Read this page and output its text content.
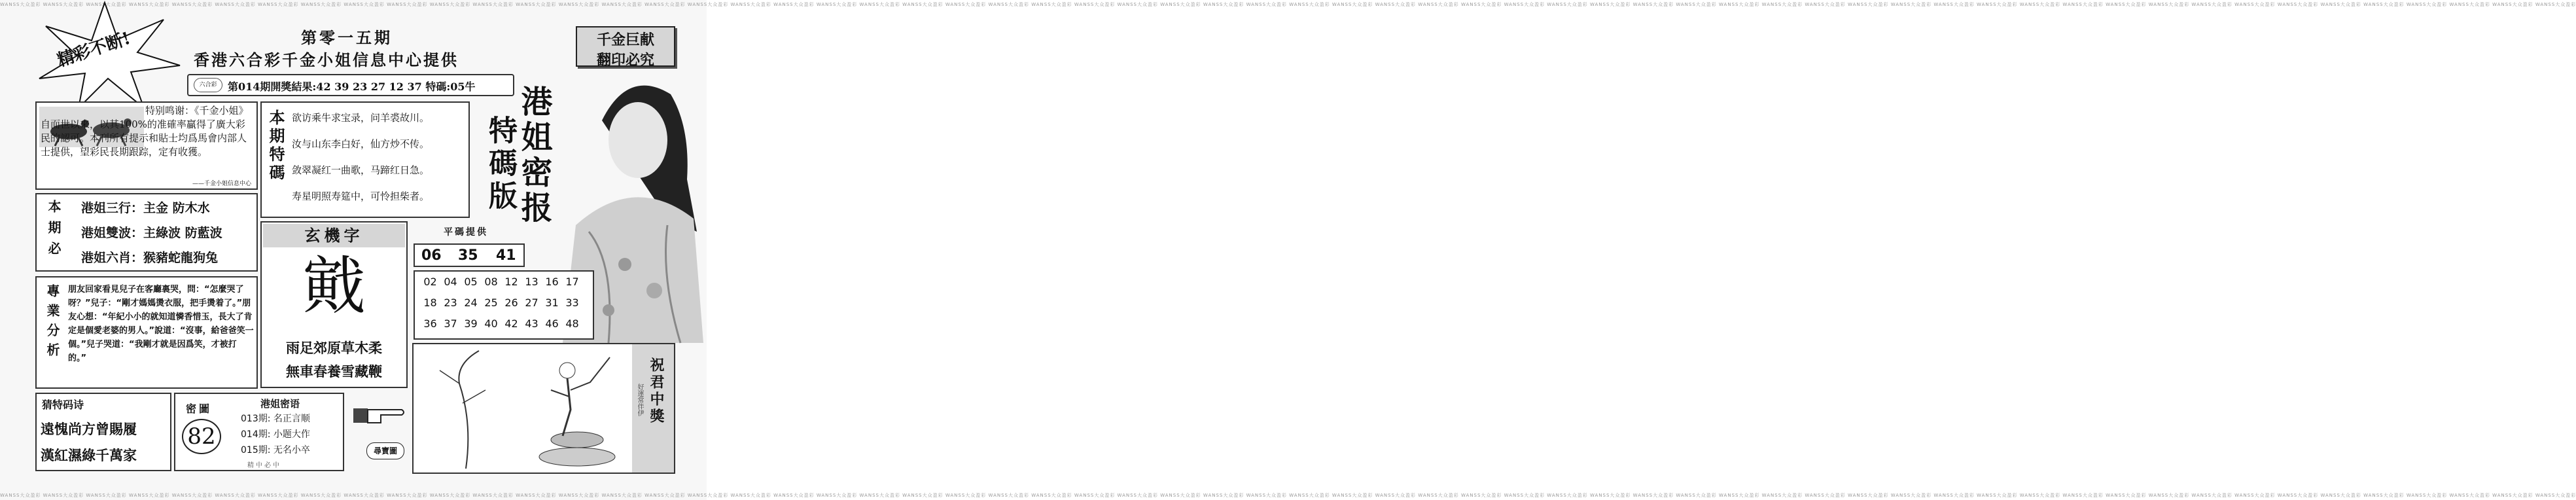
WANSS大众盈彩 WANSS大众盈彩 WANSS大众盈彩 WANSS大众盈彩 WANSS大众盈彩 WANSS大众盈彩 WANSS大众盈彩 WANSS大众盈彩 WANSS大众盈彩 WANSS大众盈彩 WANSS大众盈彩 WANSS大众盈彩 WANSS大众盈彩 WANSS大众盈彩 WANSS大众盈彩 WANSS大众盈彩 WANSS大众盈彩 WANSS大众盈彩 WANSS大众盈彩 WANSS大众盈彩 WANSS大众盈彩 WANSS大众盈彩 WANSS大众盈彩 WANSS大众盈彩 WANSS大众盈彩 WANSS大众盈彩 WANSS大众盈彩 WANSS大众盈彩 WANSS大众盈彩 WANSS大众盈彩 WANSS大众盈彩 WANSS大众盈彩 WANSS大众盈彩 WANSS大众盈彩 WANSS大众盈彩 WANSS大众盈彩 WANSS大众盈彩 WANSS大众盈彩 WANSS大众盈彩 WANSS大众盈彩 WANSS大众盈彩 WANSS大众盈彩 WANSS大众盈彩 WANSS大众盈彩 WANSS大众盈彩 WANSS大众盈彩 WANSS大众盈彩 WANSS大众盈彩 WANSS大众盈彩 WANSS大众盈彩 WANSS大众盈彩 WANSS大众盈彩 WANSS大众盈彩 WANSS大众盈彩 WANSS大众盈彩 WANSS大众盈彩 WANSS大众盈彩 WANSS大众盈彩 WANSS大众盈彩 WANSS大众盈彩
WANSS大众盈彩 WANSS大众盈彩 WANSS大众盈彩 WANSS大众盈彩 WANSS大众盈彩 WANSS大众盈彩 WANSS大众盈彩 WANSS大众盈彩 WANSS大众盈彩 WANSS大众盈彩 WANSS大众盈彩 WANSS大众盈彩 WANSS大众盈彩 WANSS大众盈彩 WANSS大众盈彩 WANSS大众盈彩 WANSS大众盈彩 WANSS大众盈彩 WANSS大众盈彩 WANSS大众盈彩 WANSS大众盈彩 WANSS大众盈彩 WANSS大众盈彩 WANSS大众盈彩 WANSS大众盈彩 WANSS大众盈彩 WANSS大众盈彩 WANSS大众盈彩 WANSS大众盈彩 WANSS大众盈彩 WANSS大众盈彩 WANSS大众盈彩 WANSS大众盈彩 WANSS大众盈彩 WANSS大众盈彩 WANSS大众盈彩 WANSS大众盈彩 WANSS大众盈彩 WANSS大众盈彩 WANSS大众盈彩 WANSS大众盈彩 WANSS大众盈彩 WANSS大众盈彩 WANSS大众盈彩 WANSS大众盈彩 WANSS大众盈彩 WANSS大众盈彩 WANSS大众盈彩 WANSS大众盈彩 WANSS大众盈彩 WANSS大众盈彩 WANSS大众盈彩 WANSS大众盈彩 WANSS大众盈彩 WANSS大众盈彩 WANSS大众盈彩 WANSS大众盈彩 WANSS大众盈彩 WANSS大众盈彩 WANSS大众盈彩
精彩不断!	第零一五期
香港六合彩千金小姐信息中心提供
千金巨献
翻印必究
六合彩	第014期開獎結果:42 39 23 27 12 37 特碼:05牛
特别鸣谢：《千金小姐》自面世以来，以其100%的准確率贏得了廣大彩民的認可。本刊所有提示和貼士均爲馬會内部人士提供，望彩民長期跟踪，定有收獲。
——千金小姐信息中心
本期特碼 欲访乘牛求宝录，问羊裘故川。
汝与山东李白好，仙方炒不传。
敛翠凝红一曲歌，马蹄红日急。
寿星明照寿筵中，可怜担柴者。	特碼版
港姐密报
本期必 港姐三行：主金 防木水
港姐雙波：主綠波 防藍波
港姐六肖：猴豬蛇龍狗兔
玄機字
戭
雨足郊原草木柔
無車春養雪藏鞭
平碼提供
06 35 41
02 04 05 08 12 13 16 17
18 23 24 25 26 27 31 33
36 37 39 40 42 43 46 48
專業分析 朋友回家看見兒子在客廳裏哭，問：“怎麼哭了呀？”兒子：“剛才媽媽燙衣服，把手燙着了。”朋友心想：“年紀小小的就知道憐香惜玉，長大了肯定是個愛老婆的男人。”說道：“沒事，給爸爸笑一個。”兒子哭道：“我剛才就是因爲笑，才被打的。”
猜特码诗
遠愧尚方曾賜履
漢紅濕綠千萬家
密圖
82
精中必中
港姐密语
013期: 名正言顺
014期: 小题大作
015期: 无名小卒	尋寶圖
祝君中獎
好運常伴伊
